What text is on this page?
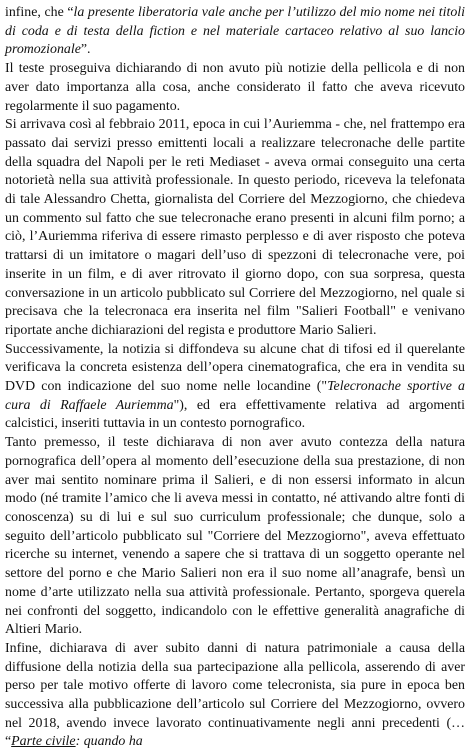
infine, che “la presente liberatoria vale anche per l’utilizzo del mio nome nei titoli di coda e di testa della fiction e nel materiale cartaceo relativo al suo lancio promozionale”.

Il teste proseguiva dichiarando di non avuto più notizie della pellicola e di non aver dato importanza alla cosa, anche considerato il fatto che aveva ricevuto regolarmente il suo pagamento.

Si arrivava così al febbraio 2011, epoca in cui l’Auriemma - che, nel frattempo era passato dai servizi presso emittenti locali a realizzare telecronache delle partite della squadra del Napoli per le reti Mediaset - aveva ormai conseguito una certa notorietà nella sua attività professionale. In questo periodo, riceveva la telefonata di tale Alessandro Chetta, giornalista del Corriere del Mezzogiorno, che chiedeva un commento sul fatto che sue telecronache erano presenti in alcuni film porno; a ciò, l’Auriemma riferiva di essere rimasto perplesso e di aver risposto che poteva trattarsi di un imitatore o magari dell’uso di spezzoni di telecronache vere, poi inserite in un film, e di aver ritrovato il giorno dopo, con sua sorpresa, questa conversazione in un articolo pubblicato sul Corriere del Mezzogiorno, nel quale si precisava che la telecronaca era inserita nel film "Salieri Football" e venivano riportate anche dichiarazioni del regista e produttore Mario Salieri.

Successivamente, la notizia si diffondeva su alcune chat di tifosi ed il querelante verificava la concreta esistenza dell’opera cinematografica, che era in vendita su DVD con indicazione del suo nome nelle locandine ("Telecronache sportive a cura di Raffaele Auriemma"), ed era effettivamente relativa ad argomenti calcistici, inseriti tuttavia in un contesto pornografico.

Tanto premesso, il teste dichiarava di non aver avuto contezza della natura pornografica dell’opera al momento dell’esecuzione della sua prestazione, di non aver mai sentito nominare prima il Salieri, e di non essersi informato in alcun modo (né tramite l’amico che li aveva messi in contatto, né attivando altre fonti di conoscenza) su di lui e sul suo curriculum professionale; che dunque, solo a seguito dell’articolo pubblicato sul "Corriere del Mezzogiorno", aveva effettuato ricerche su internet, venendo a sapere che si trattava di un soggetto operante nel settore del porno e che Mario Salieri non era il suo nome all’anagrafe, bensì un nome d’arte utilizzato nella sua attività professionale. Pertanto, sporgeva querela nei confronti del soggetto, indicandolo con le effettive generalità anagrafiche di Altieri Mario.

Infine, dichiarava di aver subito danni di natura patrimoniale a causa della diffusione della notizia della sua partecipazione alla pellicola, asserendo di aver perso per tale motivo offerte di lavoro come telecronista, sia pure in epoca ben successiva alla pubblicazione dell’articolo sul Corriere del Mezzogiorno, ovvero nel 2018, avendo invece lavorato continuativamente negli anni precedenti (… “Parte civile: quando ha
